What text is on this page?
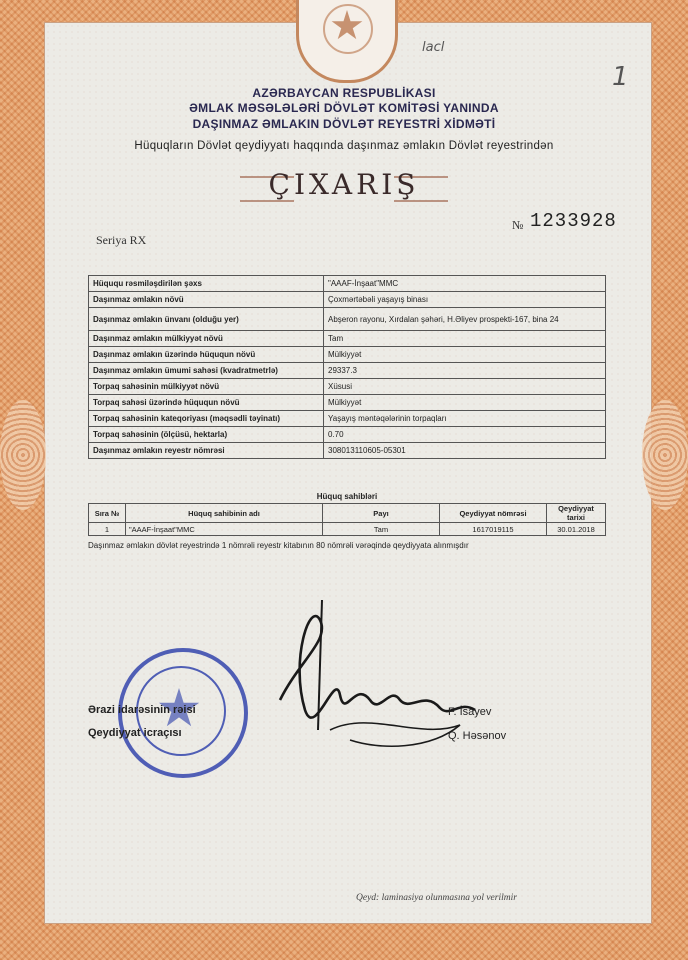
lacl
1
AZƏRBAYCAN RESPUBLİKASI
ƏMLAK MƏSƏLƏLƏRİ DÖVLƏT KOMİTƏSİ YANINDA
DAŞINMAZ ƏMLAKIN DÖVLƏT REYESTRİ XİDMƏTİ
Hüquqların Dövlət qeydiyyatı haqqında daşınmaz əmlakın Dövlət reyestrindən
ÇIXARIŞ
Seriya RX
№ 1233928
Hüququ rəsmiləşdirilən şəxs	"AAAF-İnşaat"MMC
Daşınmaz əmlakın növü	Çoxmərtəbəli yaşayış binası
Daşınmaz əmlakın ünvanı (olduğu yer)	Abşeron rayonu, Xırdalan şəhəri, H.Əliyev prospekti-167, bina 24
Daşınmaz əmlakın mülkiyyət növü	Tam
Daşınmaz əmlakın üzərində hüququn növü	Mülkiyyət
Daşınmaz əmlakın ümumi sahəsi (kvadratmetrlə)	29337.3
Torpaq sahəsinin mülkiyyət növü	Xüsusi
Torpaq sahəsi üzərində hüququn növü	Mülkiyyət
Torpaq sahəsinin kateqoriyası (məqsədli təyinatı)	Yaşayış məntəqələrinin torpaqları
Torpaq sahəsinin (ölçüsü, hektarla)	0.70
Daşınmaz əmlakın reyestr nömrəsi	308013110605-05301
Hüquq sahibləri
Sıra №	Hüquq sahibinin adı	Payı	Qeydiyyat nömrəsi	Qeydiyyat tarixi
1	"AAAF-İnşaat"MMC	Tam	1617019115	30.01.2018
Daşınmaz əmlakın dövlət reyestrində 1 nömrəli reyestr kitabının 80 nömrəli vərəqində qeydiyyata alınmışdır
Ərazi idarəsinin rəisi	F. İsayev
Qeydiyyat icraçısı	Q. Həsənov
Qeyd: laminasiya olunmasına yol verilmir
